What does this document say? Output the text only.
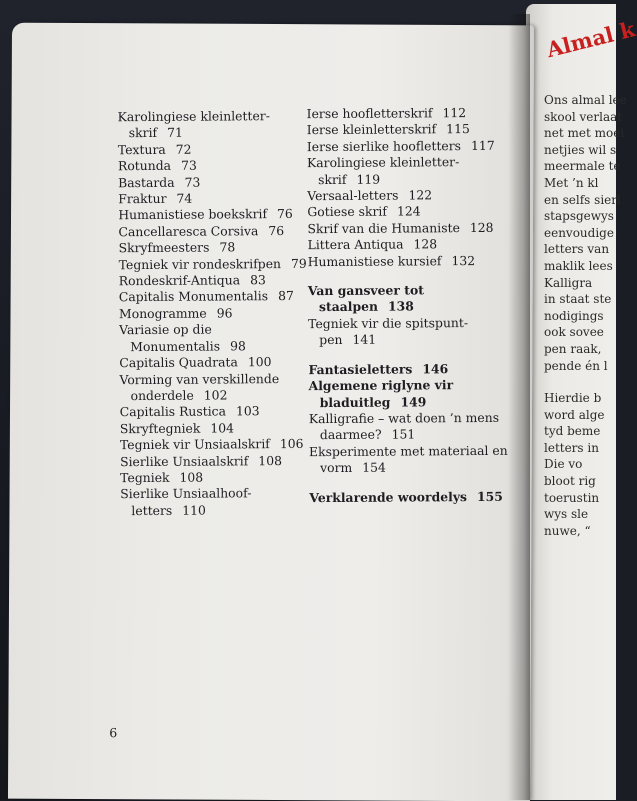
Almal k
Ons almal lee
skool verlaat
net met moei
netjies wil s
meermale te
Met ’n kl
en selfs sierl
stapsgewys
eenvoudige
letters van
maklik lees
Kalligra
in staat ste
nodigings
ook sovee
pen raak,
pende én l
Hierdie b
word alge
tyd beme
letters in
Die vo
bloot rig
toerustin
wys sle
nuwe, “
Karolingiese kleinletter-
skrif 71
Textura 72
Rotunda 73
Bastarda 73
Fraktur 74
Humanistiese boekskrif 76
Cancellaresca Corsiva 76
Skryfmeesters 78
Tegniek vir rondeskrifpen 79
Rondeskrif-Antiqua 83
Capitalis Monumentalis 87
Monogramme 96
Variasie op die
Monumentalis 98
Capitalis Quadrata 100
Vorming van verskillende
onderdele 102
Capitalis Rustica 103
Skryftegniek 104
Tegniek vir Unsiaalskrif 106
Sierlike Unsiaalskrif 108
Tegniek 108
Sierlike Unsiaalhoof-
letters 110
Ierse hoofletterskrif 112
Ierse kleinletterskrif 115
Ierse sierlike hoofletters 117
Karolingiese kleinletter-
skrif 119
Versaal-letters 122
Gotiese skrif 124
Skrif van die Humaniste 128
Littera Antiqua 128
Humanistiese kursief 132
Van gansveer tot
staalpen 138
Tegniek vir die spitspunt-
pen 141
Fantasieletters 146
Algemene riglyne vir
bladuitleg 149
Kalligrafie – wat doen ’n mens
daarmee? 151
Eksperimente met materiaal en
vorm 154
Verklarende woordelys 155
6
